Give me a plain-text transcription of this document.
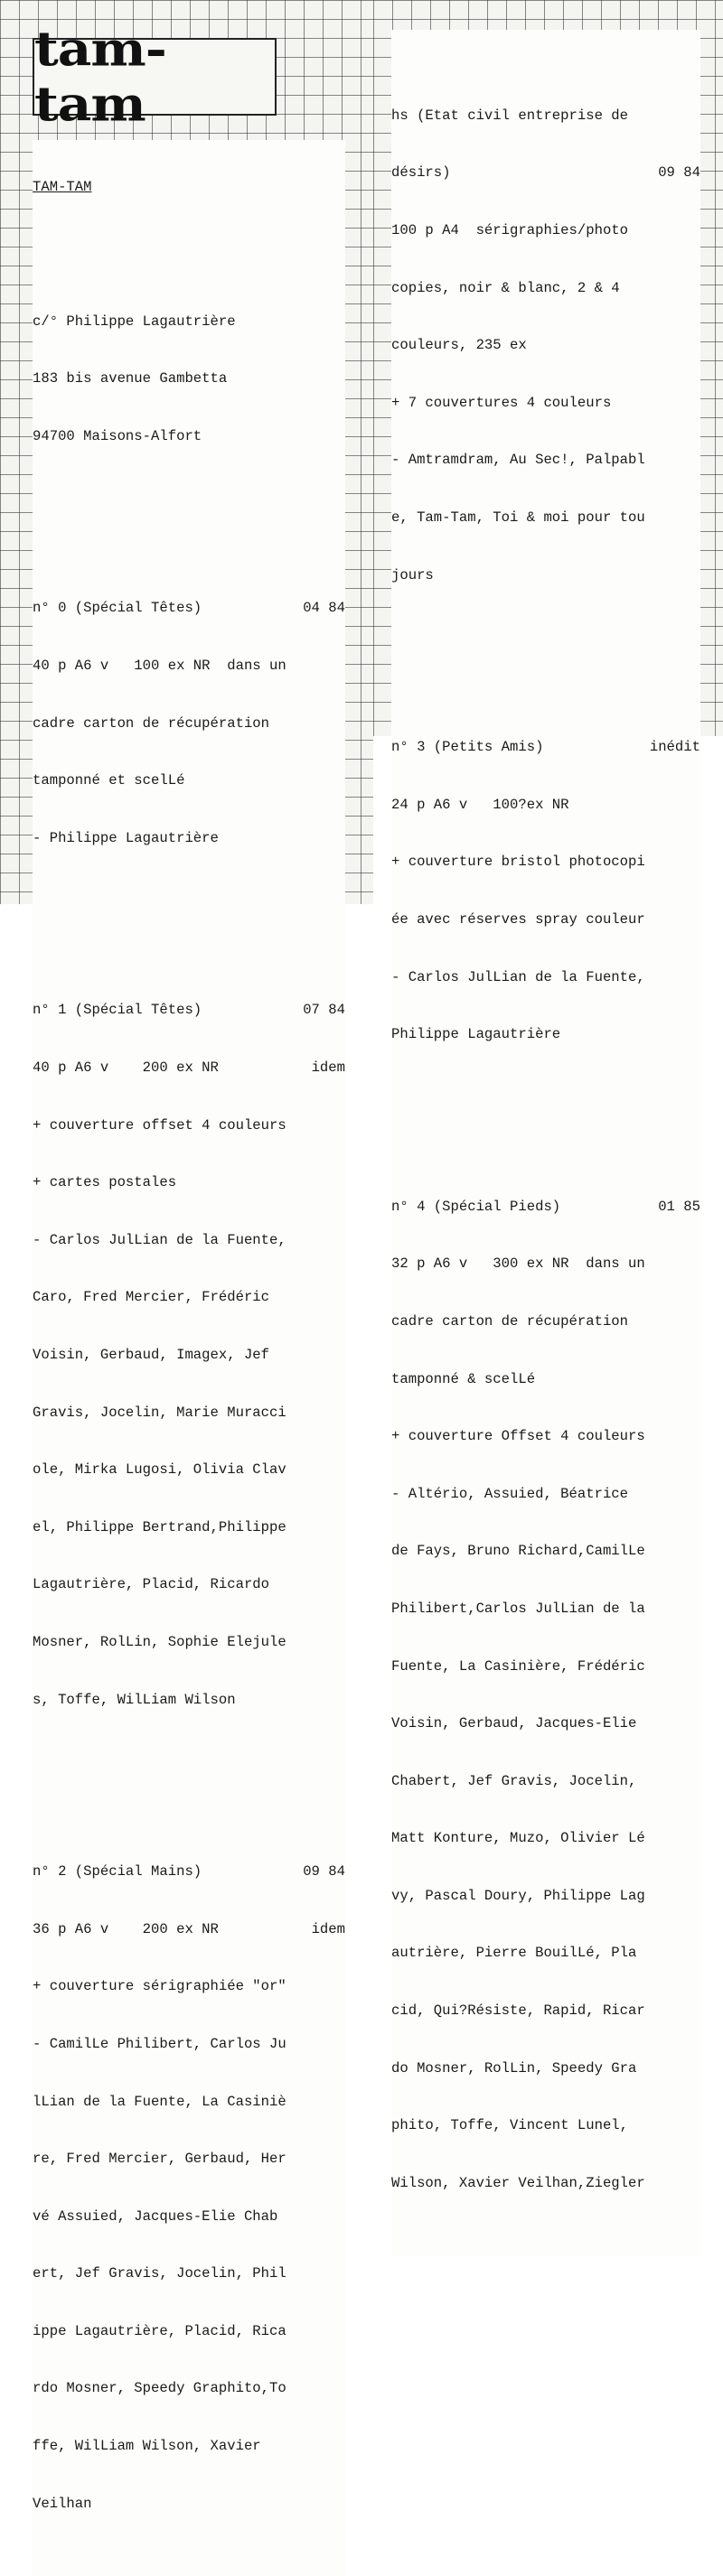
tam-tam

TAM-TAM

c/° Philippe Lagautrière

183 bis avenue Gambetta

94700 Maisons-Alfort

n° 0 (Spécial Têtes)	04 84

40 p A6 v   100 ex NR  dans un

cadre carton de récupération

tamponné et scelLé

- Philippe Lagautrière

n° 1 (Spécial Têtes)	07 84

40 p A6 v    200 ex NR	idem

+ couverture offset 4 couleurs

+ cartes postales

- Carlos JulLian de la Fuente,

Caro, Fred Mercier, Frédéric

Voisin, Gerbaud, Imagex, Jef

Gravis, Jocelin, Marie Muracci

ole, Mirka Lugosi, Olivia Clav

el, Philippe Bertrand,Philippe

Lagautrière, Placid, Ricardo

Mosner, RolLin, Sophie Elejule

s, Toffe, WilLiam Wilson

n° 2 (Spécial Mains)	09 84

36 p A6 v    200 ex NR	idem

+ couverture sérigraphiée "or"

- CamilLe Philibert, Carlos Ju

lLian de la Fuente, La Casiniè

re, Fred Mercier, Gerbaud, Her

vé Assuied, Jacques-Elie Chab

ert, Jef Gravis, Jocelin, Phil

ippe Lagautrière, Placid, Rica

rdo Mosner, Speedy Graphito,To

ffe, WilLiam Wilson, Xavier

Veilhan

hs (Etat civil entreprise de

désirs)	09 84

100 p A4  sérigraphies/photo

copies, noir & blanc, 2 & 4

couleurs, 235 ex

+ 7 couvertures 4 couleurs

- Amtramdram, Au Sec!, Palpabl

e, Tam-Tam, Toi & moi pour tou

jours

n° 3 (Petits Amis)	inédit

24 p A6 v   100?ex NR

+ couverture bristol photocopi

ée avec réserves spray couleur

- Carlos JulLian de la Fuente,

Philippe Lagautrière

n° 4 (Spécial Pieds)	01 85

32 p A6 v   300 ex NR  dans un

cadre carton de récupération

tamponné & scelLé

+ couverture Offset 4 couleurs

- Altério, Assuied, Béatrice

de Fays, Bruno Richard,CamilLe

Philibert,Carlos JulLian de la

Fuente, La Casinière, Frédéric

Voisin, Gerbaud, Jacques-Elie

Chabert, Jef Gravis, Jocelin,

Matt Konture, Muzo, Olivier Lé

vy, Pascal Doury, Philippe Lag

autrière, Pierre BouilLé, Pla

cid, Qui?Résiste, Rapid, Ricar

do Mosner, RolLin, Speedy Gra

phito, Toffe, Vincent Lunel,

Wilson, Xavier Veilhan,Ziegler
